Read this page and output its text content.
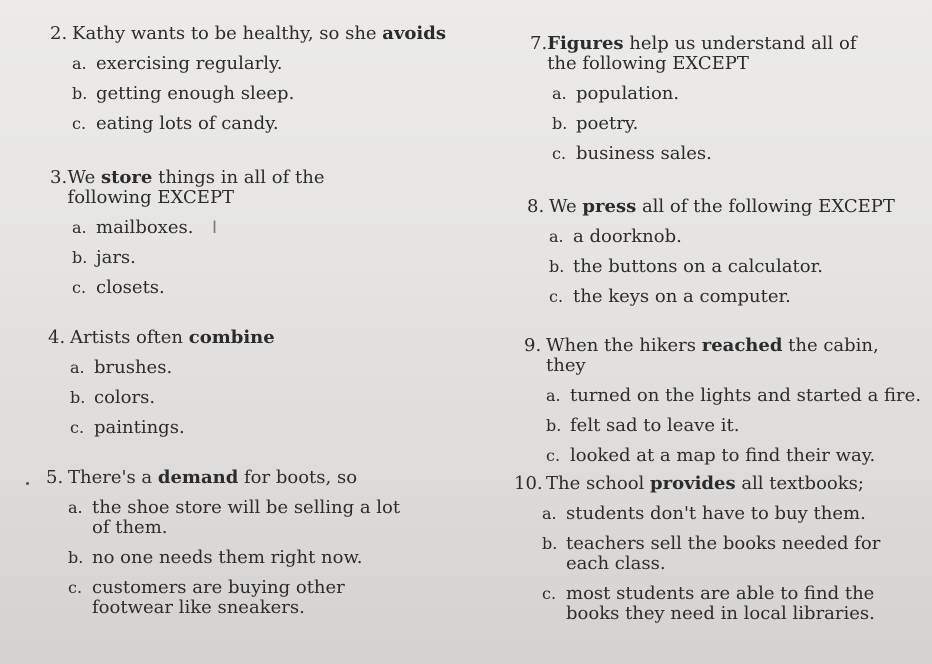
2. Kathy wants to be healthy, so she avoids
a. exercising regularly.
b. getting enough sleep.
c. eating lots of candy.
3. We store things in all of the following EXCEPT
a. mailboxes.
b. jars.
c. closets.
4. Artists often combine
a. brushes.
b. colors.
c. paintings.
5. There's a demand for boots, so
a. the shoe store will be selling a lot of them.
b. no one needs them right now.
c. customers are buying other footwear like sneakers.
7. Figures help us understand all of the following EXCEPT
a. population.
b. poetry.
c. business sales.
8. We press all of the following EXCEPT
a. a doorknob.
b. the buttons on a calculator.
c. the keys on a computer.
9. When the hikers reached the cabin, they
a. turned on the lights and started a fire.
b. felt sad to leave it.
c. looked at a map to find their way.
10. The school provides all textbooks;
a. students don't have to buy them.
b. teachers sell the books needed for each class.
c. most students are able to find the books they need in local libraries.
I
